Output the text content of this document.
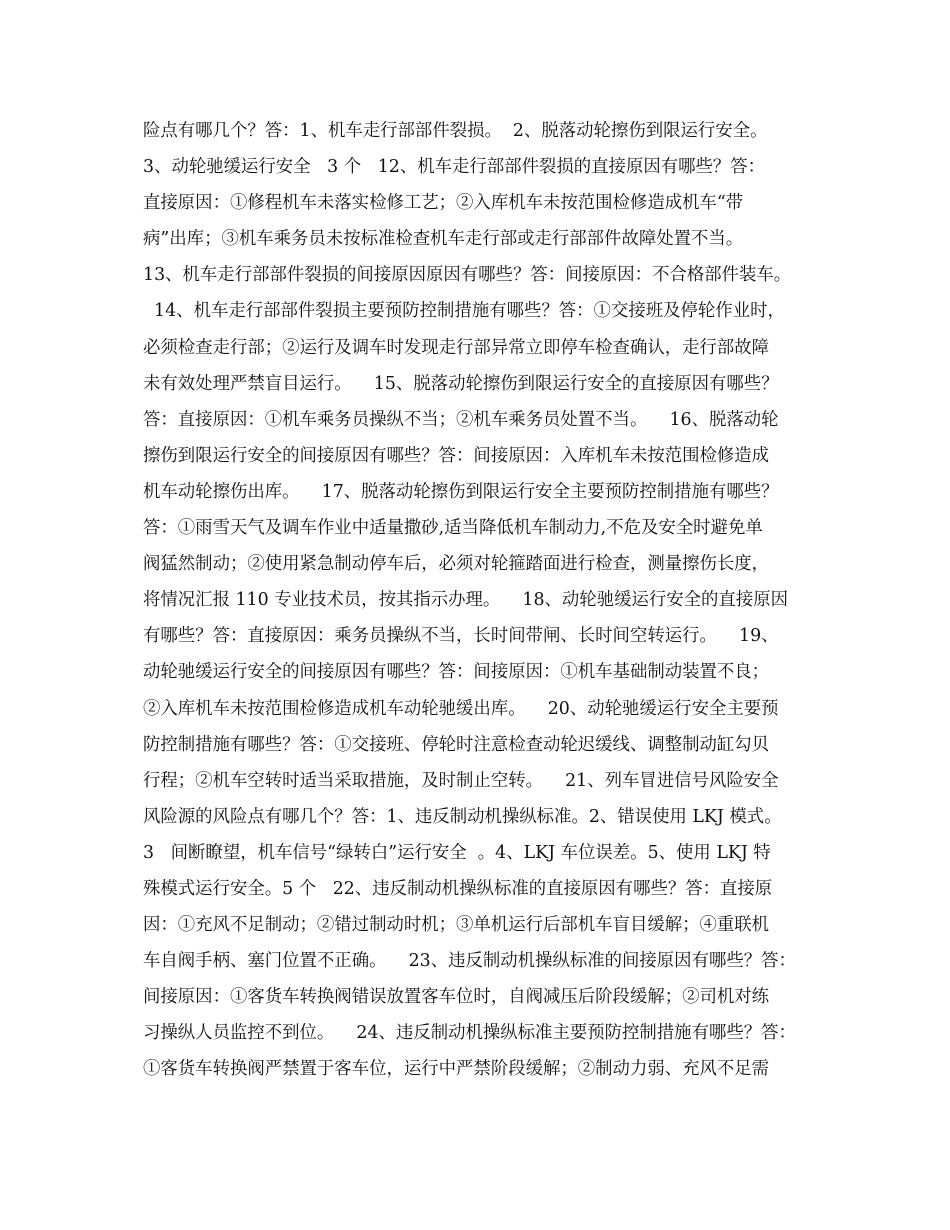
险点有哪几个？答：1、机车走行部部件裂损。  2、脱落动轮擦伤到限运行安全。
3、动轮驰缓运行安全   3 个   12、机车走行部部件裂损的直接原因有哪些？答：
直接原因：①修程机车未落实检修工艺；②入库机车未按范围检修造成机车“带
病”出库；③机车乘务员未按标准检查机车走行部或走行部部件故障处置不当。
13、机车走行部部件裂损的间接原因原因有哪些？答：间接原因：不合格部件装车。
14、机车走行部部件裂损主要预防控制措施有哪些？答：①交接班及停轮作业时，
必须检查走行部；②运行及调车时发现走行部异常立即停车检查确认，走行部故障
未有效处理严禁盲目运行。    15、脱落动轮擦伤到限运行安全的直接原因有哪些？
答：直接原因：①机车乘务员操纵不当；②机车乘务员处置不当。    16、脱落动轮
擦伤到限运行安全的间接原因有哪些？答：间接原因：入库机车未按范围检修造成
机车动轮擦伤出库。    17、脱落动轮擦伤到限运行安全主要预防控制措施有哪些？
答：①雨雪天气及调车作业中适量撒砂,适当降低机车制动力,不危及安全时避免单
阀猛然制动；②使用紧急制动停车后，必须对轮箍踏面进行检查，测量擦伤长度，
将情况汇报 110 专业技术员，按其指示办理。    18、动轮驰缓运行安全的直接原因
有哪些？答：直接原因：乘务员操纵不当，长时间带闸、长时间空转运行。    19、
动轮驰缓运行安全的间接原因有哪些？答：间接原因：①机车基础制动装置不良；
②入库机车未按范围检修造成机车动轮驰缓出库。    20、动轮驰缓运行安全主要预
防控制措施有哪些？答：①交接班、停轮时注意检查动轮迟缓线、调整制动缸勾贝
行程；②机车空转时适当采取措施，及时制止空转。    21、列车冒进信号风险安全
风险源的风险点有哪几个？答：1、违反制动机操纵标准。2、错误使用 LKJ 模式。
3   间断瞭望，机车信号“绿转白”运行安全  。4、LKJ 车位误差。5、使用 LKJ 特
殊模式运行安全。5 个   22、违反制动机操纵标准的直接原因有哪些？答：直接原
因：①充风不足制动；②错过制动时机；③单机运行后部机车盲目缓解；④重联机
车自阀手柄、塞门位置不正确。    23、违反制动机操纵标准的间接原因有哪些？答：
间接原因：①客货车转换阀错误放置客车位时，自阀减压后阶段缓解；②司机对练
习操纵人员监控不到位。    24、违反制动机操纵标准主要预防控制措施有哪些？答：
①客货车转换阀严禁置于客车位，运行中严禁阶段缓解；②制动力弱、充风不足需
